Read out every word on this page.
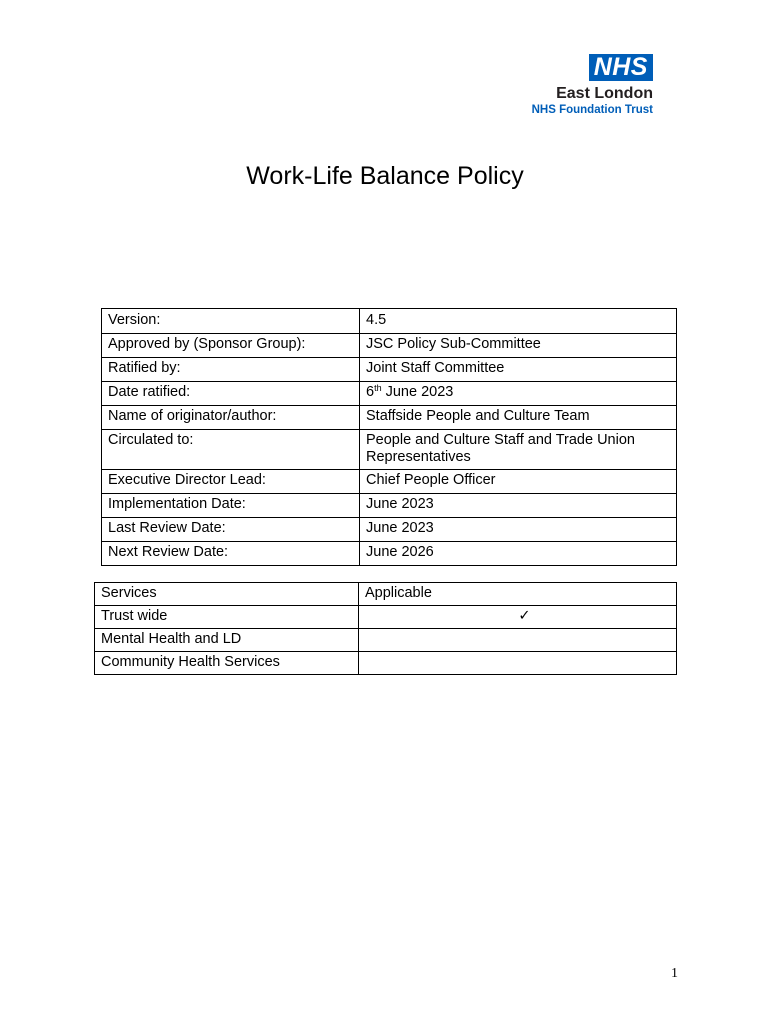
NHS
East London
NHS Foundation Trust
Work-Life Balance Policy
Version:	4.5
Approved by (Sponsor Group):	JSC Policy Sub-Committee
Ratified by:	Joint Staff Committee
Date ratified:	6th June 2023
Name of originator/author:	Staffside People and Culture Team
Circulated to:	People and Culture Staff and Trade Union Representatives
Executive Director Lead:	Chief People Officer
Implementation Date:	June 2023
Last Review Date:	June 2023
Next Review Date:	June 2026
Services	Applicable
Trust wide	✓
Mental Health and LD	
Community Health Services	
1
